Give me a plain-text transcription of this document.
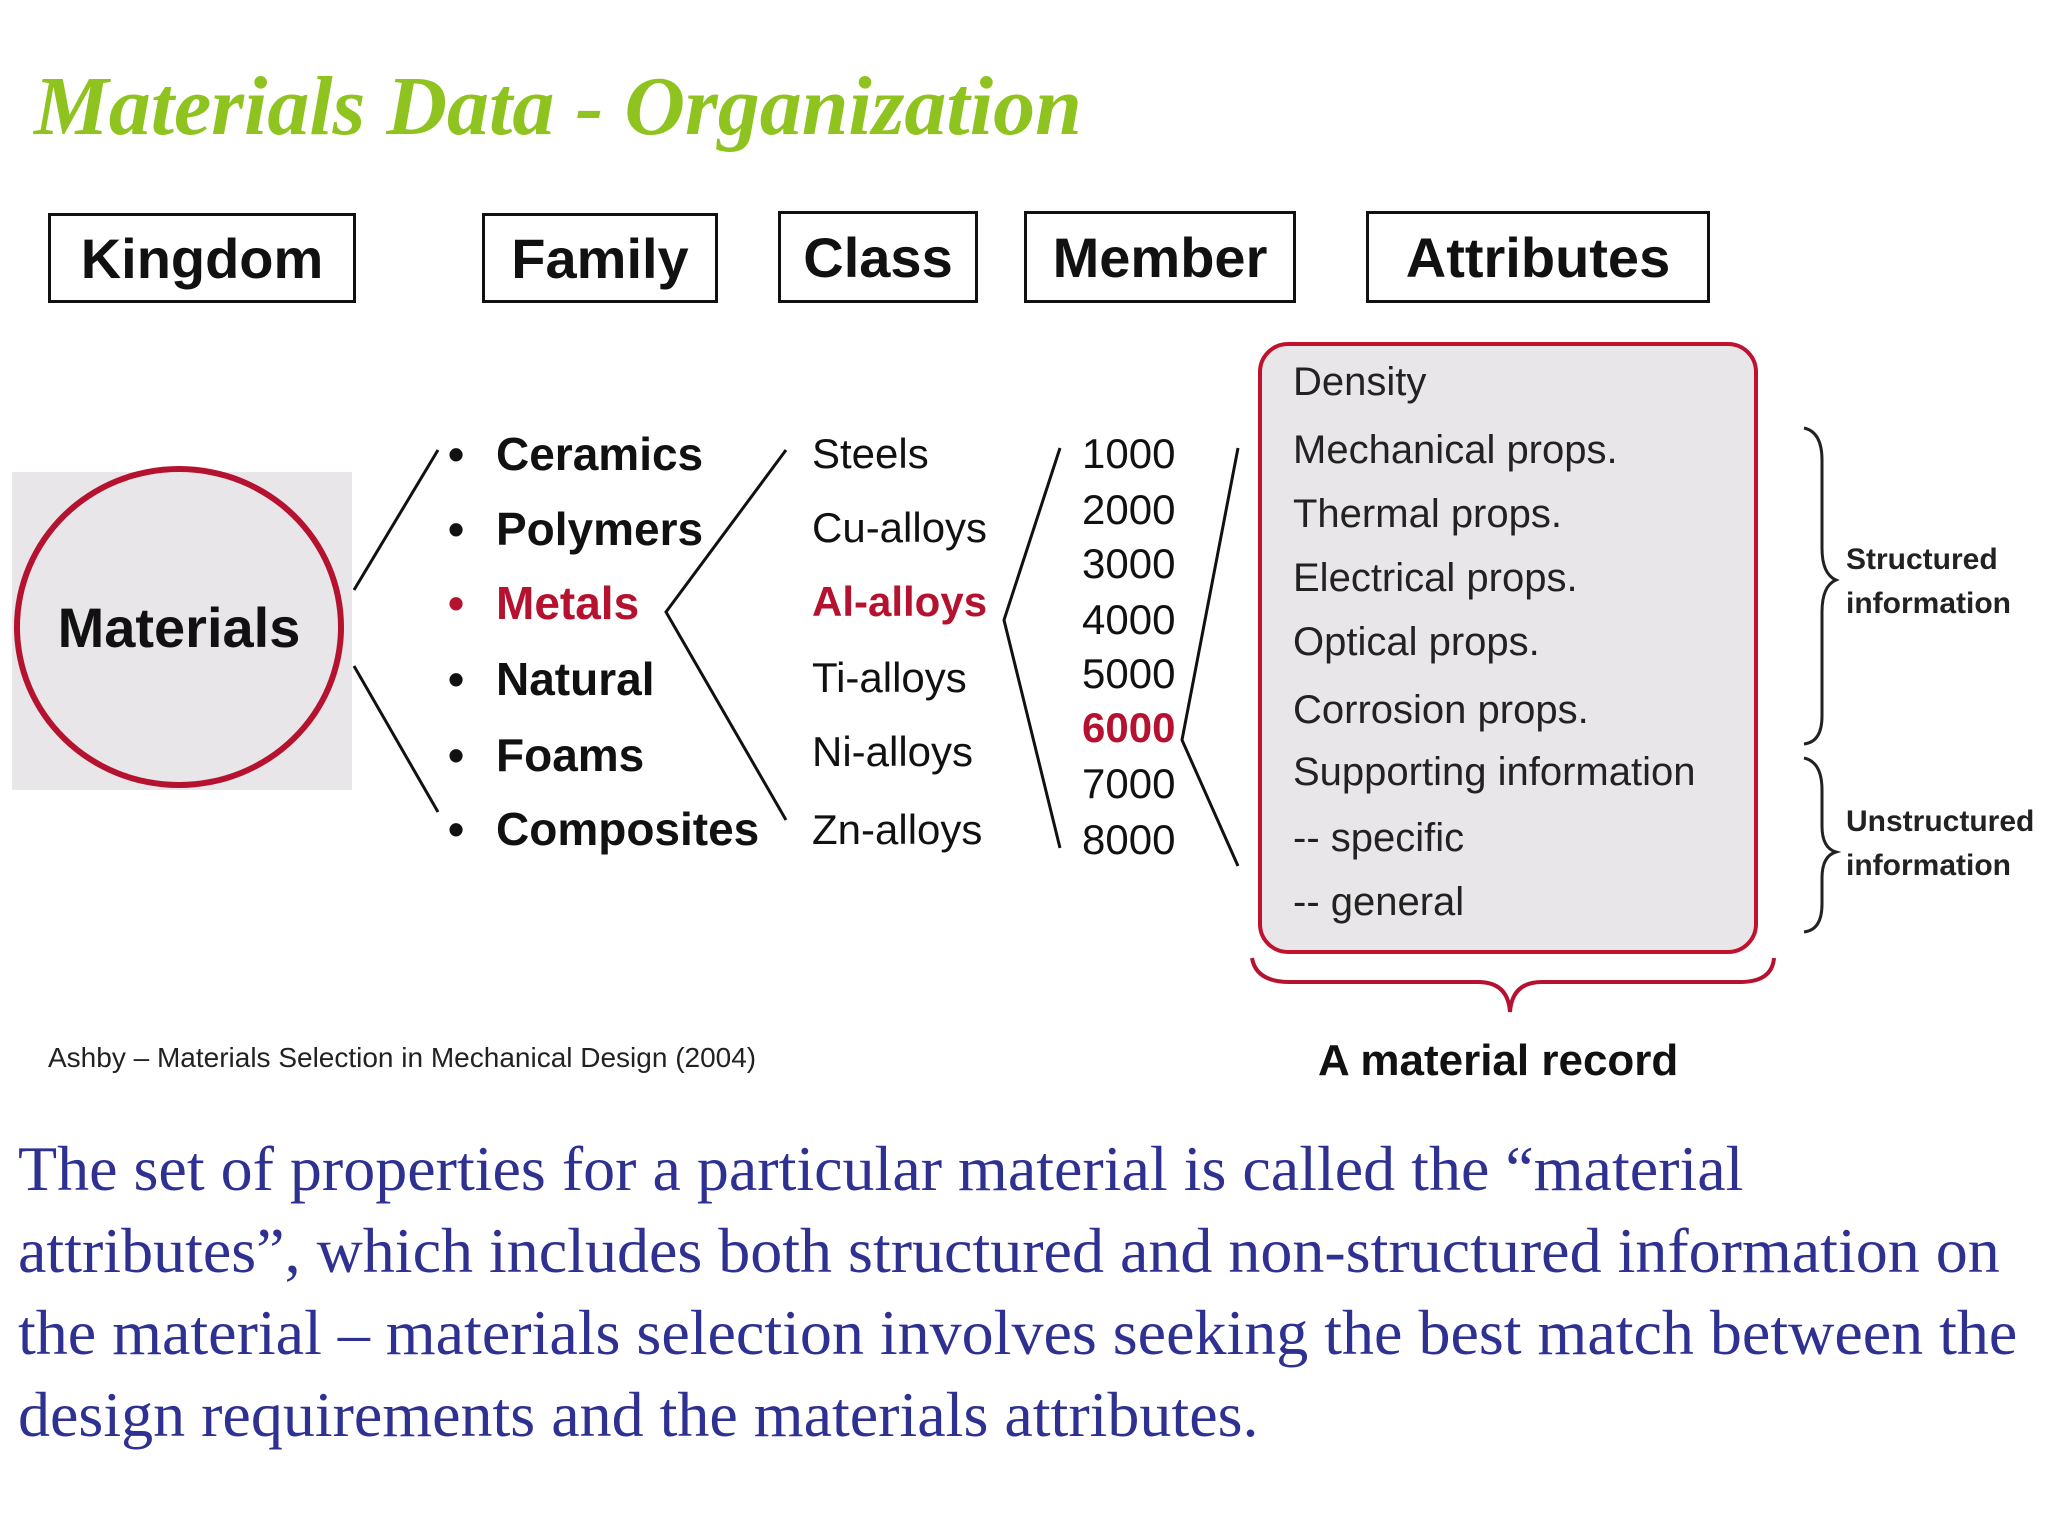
Materials Data - Organization
Kingdom	Family	Class	Member	Attributes
Materials
• Ceramics
• Polymers
• Metals
• Natural
• Foams
• Composites
Steels
Cu-alloys
Al-alloys
Ti-alloys
Ni-alloys
Zn-alloys
1000
2000
3000
4000
5000
6000
7000
8000
Density
Mechanical props.
Thermal props.
Electrical props.
Optical props.
Corrosion props.
Supporting information
-- specific
-- general
Structured
information
Unstructured
information
A material record
Ashby – Materials Selection in Mechanical Design (2004)
The set of properties for a particular material is called the “material attributes”, which includes both structured and non-structured information on the material – materials selection involves seeking the best match between the design requirements and the materials attributes.
